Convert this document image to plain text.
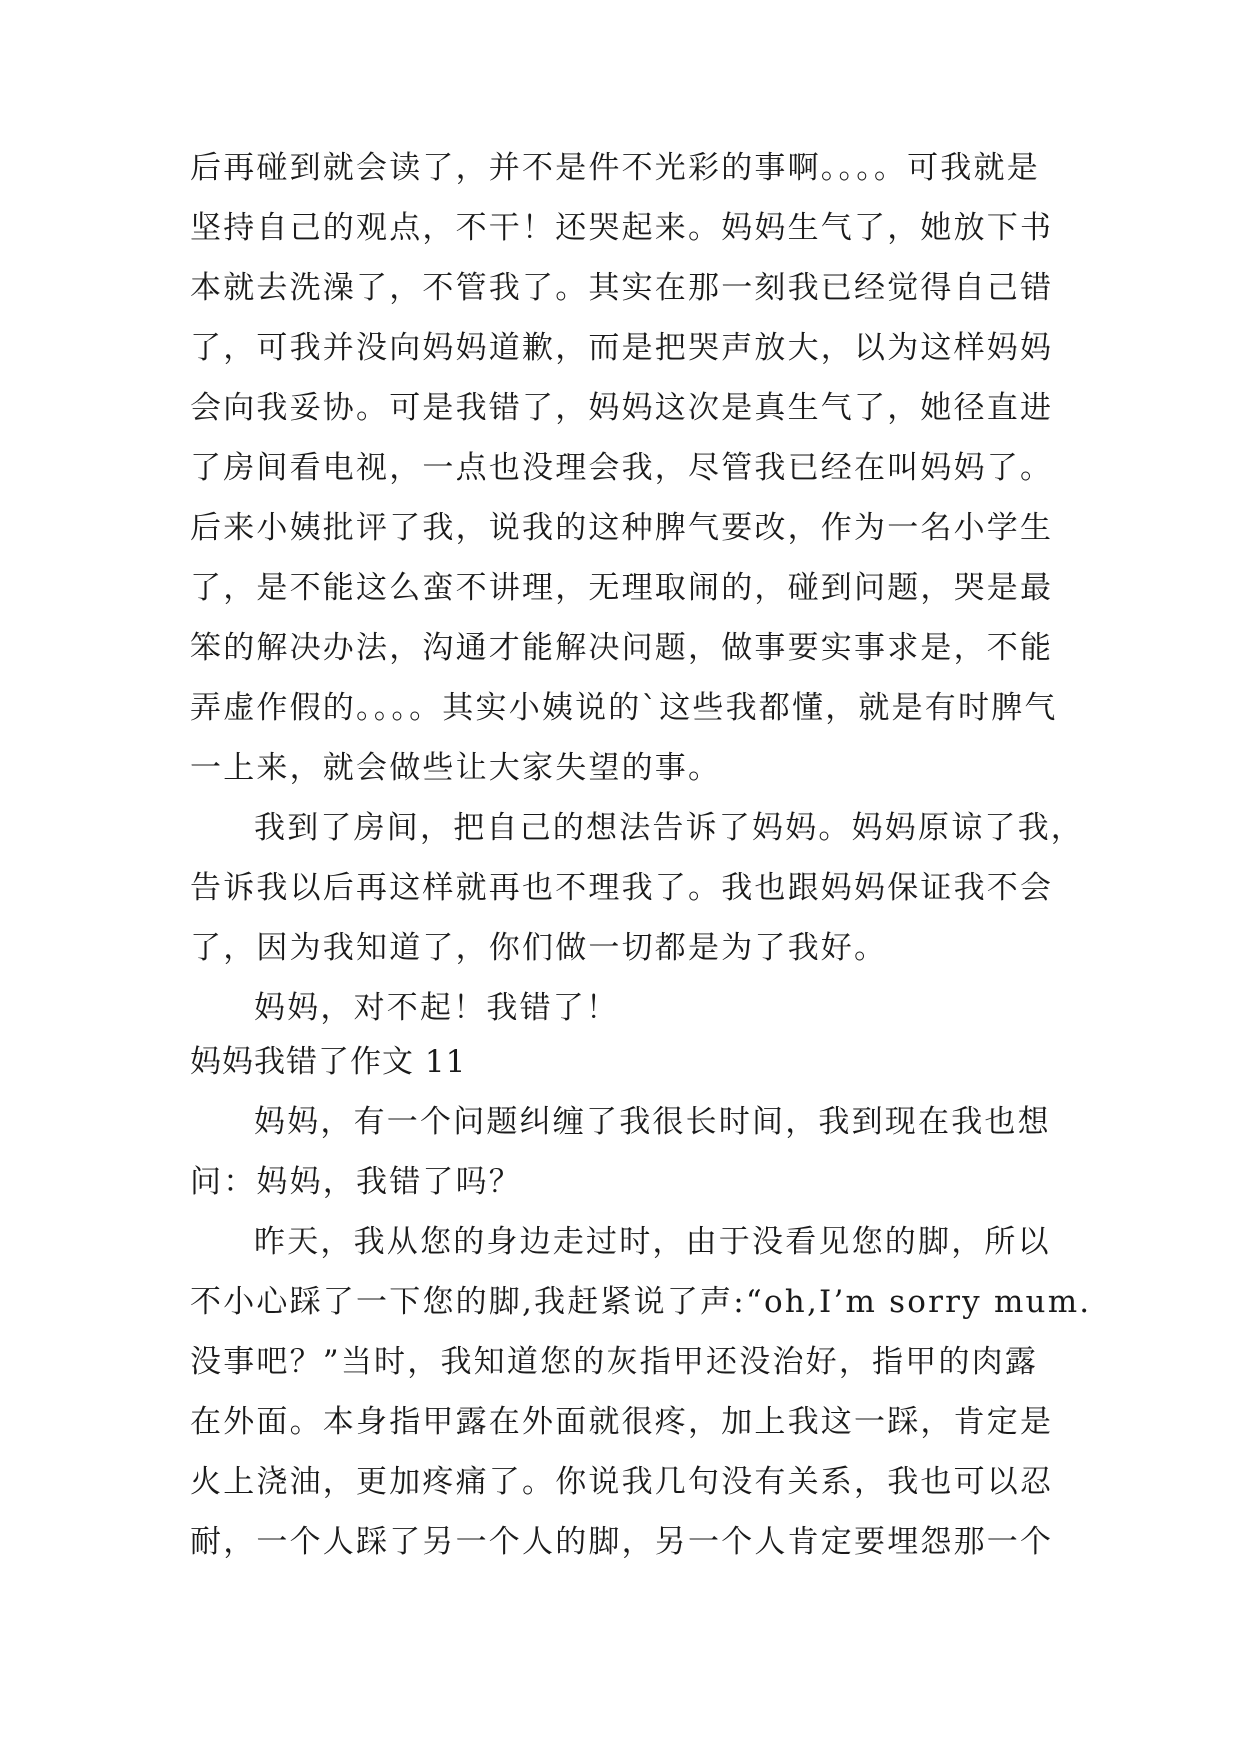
后再碰到就会读了，并不是件不光彩的事啊。。。。可我就是
坚持自己的观点，不干！还哭起来。妈妈生气了，她放下书
本就去洗澡了，不管我了。其实在那一刻我已经觉得自己错
了，可我并没向妈妈道歉，而是把哭声放大，以为这样妈妈
会向我妥协。可是我错了，妈妈这次是真生气了，她径直进
了房间看电视，一点也没理会我，尽管我已经在叫妈妈了。
后来小姨批评了我，说我的这种脾气要改，作为一名小学生
了，是不能这么蛮不讲理，无理取闹的，碰到问题，哭是最
笨的解决办法，沟通才能解决问题，做事要实事求是，不能
弄虚作假的。。。。其实小姨说的`这些我都懂，就是有时脾气
一上来，就会做些让大家失望的事。
我到了房间，把自己的想法告诉了妈妈。妈妈原谅了我，
告诉我以后再这样就再也不理我了。我也跟妈妈保证我不会
了，因为我知道了，你们做一切都是为了我好。
妈妈，对不起！我错了！
妈妈我错了作文 11
妈妈，有一个问题纠缠了我很长时间，我到现在我也想
问：妈妈，我错了吗？
昨天，我从您的身边走过时，由于没看见您的脚，所以
不小心踩了一下您的脚,我赶紧说了声:“oh,I’m sorry mum.
没事吧？”当时，我知道您的灰指甲还没治好，指甲的肉露
在外面。本身指甲露在外面就很疼，加上我这一踩，肯定是
火上浇油，更加疼痛了。你说我几句没有关系，我也可以忍
耐，一个人踩了另一个人的脚，另一个人肯定要埋怨那一个
